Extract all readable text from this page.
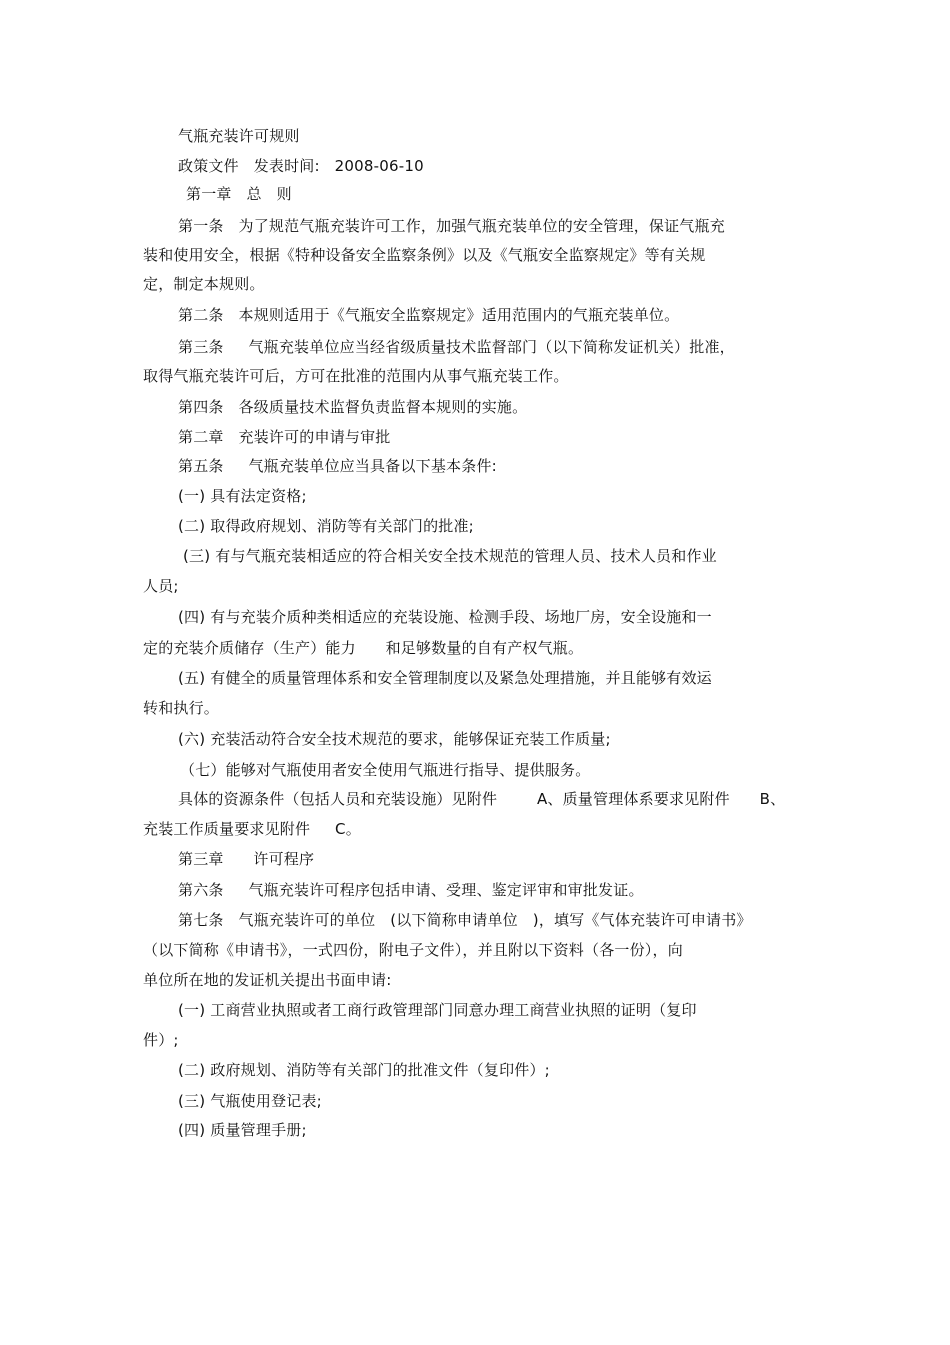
气瓶充装许可规则
政策文件   发表时间:   2008-06-10
第一章   总   则
第一条   为了规范气瓶充装许可工作，加强气瓶充装单位的安全管理，保证气瓶充
装和使用安全，根据《特种设备安全监察条例》以及《气瓶安全监察规定》等有关规
定，制定本规则。
第二条   本规则适用于《气瓶安全监察规定》适用范围内的气瓶充装单位。
第三条     气瓶充装单位应当经省级质量技术监督部门（以下简称发证机关）批准，
取得气瓶充装许可后，方可在批准的范围内从事气瓶充装工作。
第四条   各级质量技术监督负责监督本规则的实施。
第二章   充装许可的申请与审批
第五条     气瓶充装单位应当具备以下基本条件:
(一) 具有法定资格;
(二) 取得政府规划、消防等有关部门的批准;
(三) 有与气瓶充装相适应的符合相关安全技术规范的管理人员、技术人员和作业
人员;
(四) 有与充装介质种类相适应的充装设施、检测手段、场地厂房，安全设施和一
定的充装介质储存（生产）能力      和足够数量的自有产权气瓶。
(五) 有健全的质量管理体系和安全管理制度以及紧急处理措施，并且能够有效运
转和执行。
(六) 充装活动符合安全技术规范的要求，能够保证充装工作质量;
（七）能够对气瓶使用者安全使用气瓶进行指导、提供服务。
具体的资源条件（包括人员和充装设施）见附件        A、质量管理体系要求见附件      B、
充装工作质量要求见附件     C。
第三章      许可程序
第六条     气瓶充装许可程序包括申请、受理、鉴定评审和审批发证。
第七条   气瓶充装许可的单位   (以下简称申请单位   )，填写《气体充装许可申请书》
（以下简称《申请书》，一式四份，附电子文件），并且附以下资料（各一份），向
单位所在地的发证机关提出书面申请:
(一) 工商营业执照或者工商行政管理部门同意办理工商营业执照的证明（复印
件）;
(二) 政府规划、消防等有关部门的批准文件（复印件）;
(三) 气瓶使用登记表;
(四) 质量管理手册;
